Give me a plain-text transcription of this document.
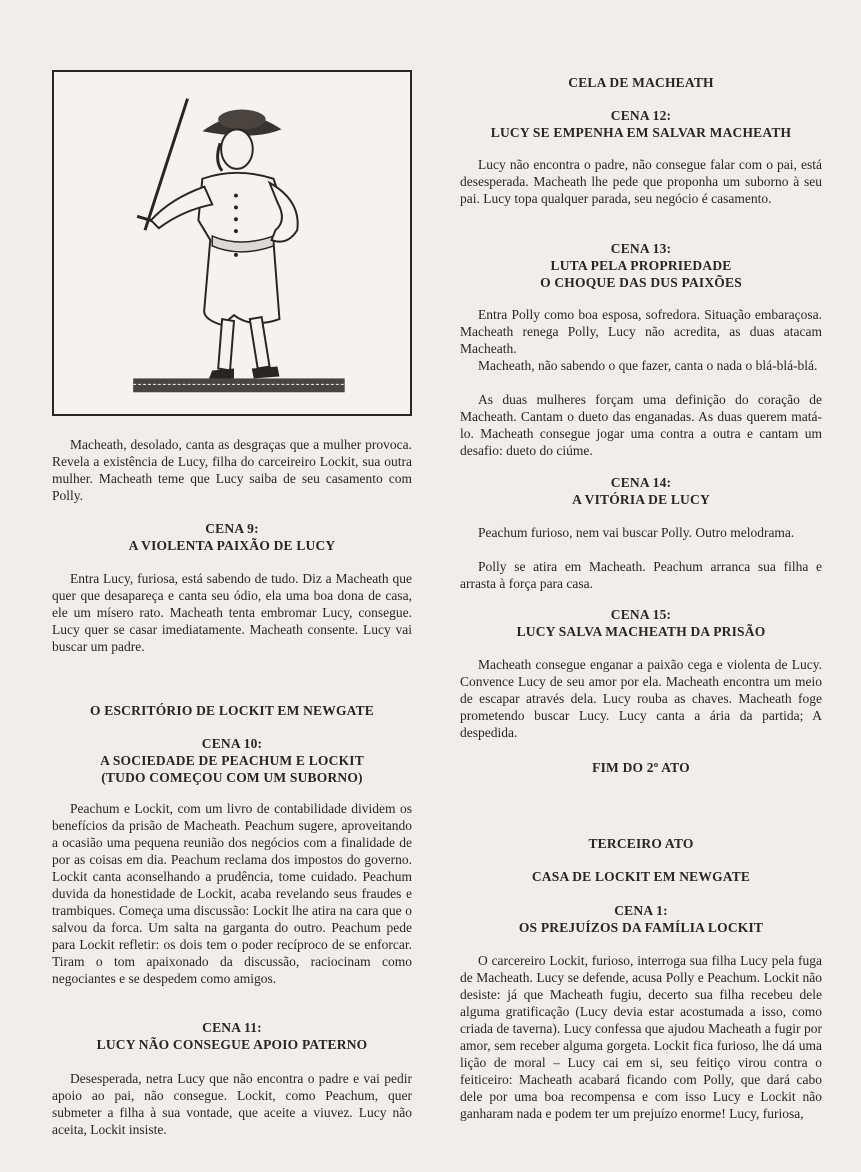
Macheath, desolado, canta as desgraças que a mulher provoca. Revela a existência de Lucy, filha do carceireiro Lockit, sua outra mulher. Macheath teme que Lucy saiba de seu casamento com Polly.

CENA 9:
A VIOLENTA PAIXÃO DE LUCY

Entra Lucy, furiosa, está sabendo de tudo. Diz a Macheath que quer que desapareça e canta seu ódio, ela uma boa dona de casa, ele um mísero rato. Macheath tenta embromar Lucy, consegue. Lucy quer se casar imediatamente. Macheath consente. Lucy vai buscar um padre.

O ESCRITÓRIO DE LOCKIT EM NEWGATE
CENA 10:
A SOCIEDADE DE PEACHUM E LOCKIT
(TUDO COMEÇOU COM UM SUBORNO)

Peachum e Lockit, com um livro de contabilidade dividem os benefícios da prisão de Macheath. Peachum sugere, aproveitando a ocasião uma pequena reunião dos negócios com a finalidade de por as coisas em dia. Peachum reclama dos impostos do governo. Lockit canta aconselhando a prudência, tome cuidado. Peachum duvida da honestidade de Lockit, acaba revelando seus fraudes e trambiques. Começa uma discussão: Lockit lhe atira na cara que o salvou da forca. Um salta na garganta do outro. Peachum pede para Lockit refletir: os dois tem o poder recíproco de se enforcar. Tiram o tom apaixonado da discussão, raciocinam como negociantes e se despedem como amigos.

CENA 11:
LUCY NÃO CONSEGUE APOIO PATERNO

Desesperada, netra Lucy que não encontra o padre e vai pedir apoio ao pai, não consegue. Lockit, como Peachum, quer submeter a filha à sua vontade, que aceite a viuvez. Lucy não aceita, Lockit insiste.

CELA DE MACHEATH
CENA 12:
LUCY SE EMPENHA EM SALVAR MACHEATH

Lucy não encontra o padre, não consegue falar com o pai, está desesperada. Macheath lhe pede que proponha um suborno à seu pai. Lucy topa qualquer parada, seu negócio é casamento.

CENA 13:
LUTA PELA PROPRIEDADE
O CHOQUE DAS DUS PAIXÕES

Entra Polly como boa esposa, sofredora. Situação embaraçosa. Macheath renega Polly, Lucy não acredita, as duas atacam Macheath.

Macheath, não sabendo o que fazer, canta o nada o blá-blá-blá.

As duas mulheres forçam uma definição do coração de Macheath. Cantam o dueto das enganadas. As duas querem matá-lo. Macheath consegue jogar uma contra a outra e cantam um desafio: dueto do ciúme.

CENA 14:
A VITÓRIA DE LUCY

Peachum furioso, nem vai buscar Polly. Outro melodrama.

Polly se atira em Macheath. Peachum arranca sua filha e arrasta à força para casa.

CENA 15:
LUCY SALVA MACHEATH DA PRISÃO

Macheath consegue enganar a paixão cega e violenta de Lucy. Convence Lucy de seu amor por ela. Macheath encontra um meio de escapar através dela. Lucy rouba as chaves. Macheath foge prometendo buscar Lucy. Lucy canta a ária da partida; A despedida.

FIM DO 2º ATO
TERCEIRO ATO
CASA DE LOCKIT EM NEWGATE
CENA 1:
OS PREJUÍZOS DA FAMÍLIA LOCKIT

O carcereiro Lockit, furioso, interroga sua filha Lucy pela fuga de Macheath. Lucy se defende, acusa Polly e Peachum. Lockit não desiste: já que Macheath fugiu, decerto sua filha recebeu dele alguma gratificação (Lucy devia estar acostumada a isso, como criada de taverna). Lucy confessa que ajudou Macheath a fugir por amor, sem receber alguma gorgeta. Lockit fica furioso, lhe dá uma lição de moral – Lucy cai em si, seu feitiço virou contra o feiticeiro: Macheath acabará ficando com Polly, que dará cabo dele por uma boa recompensa e com isso Lucy e Lockit não ganharam nada e podem ter um prejuízo enorme! Lucy, furiosa,
